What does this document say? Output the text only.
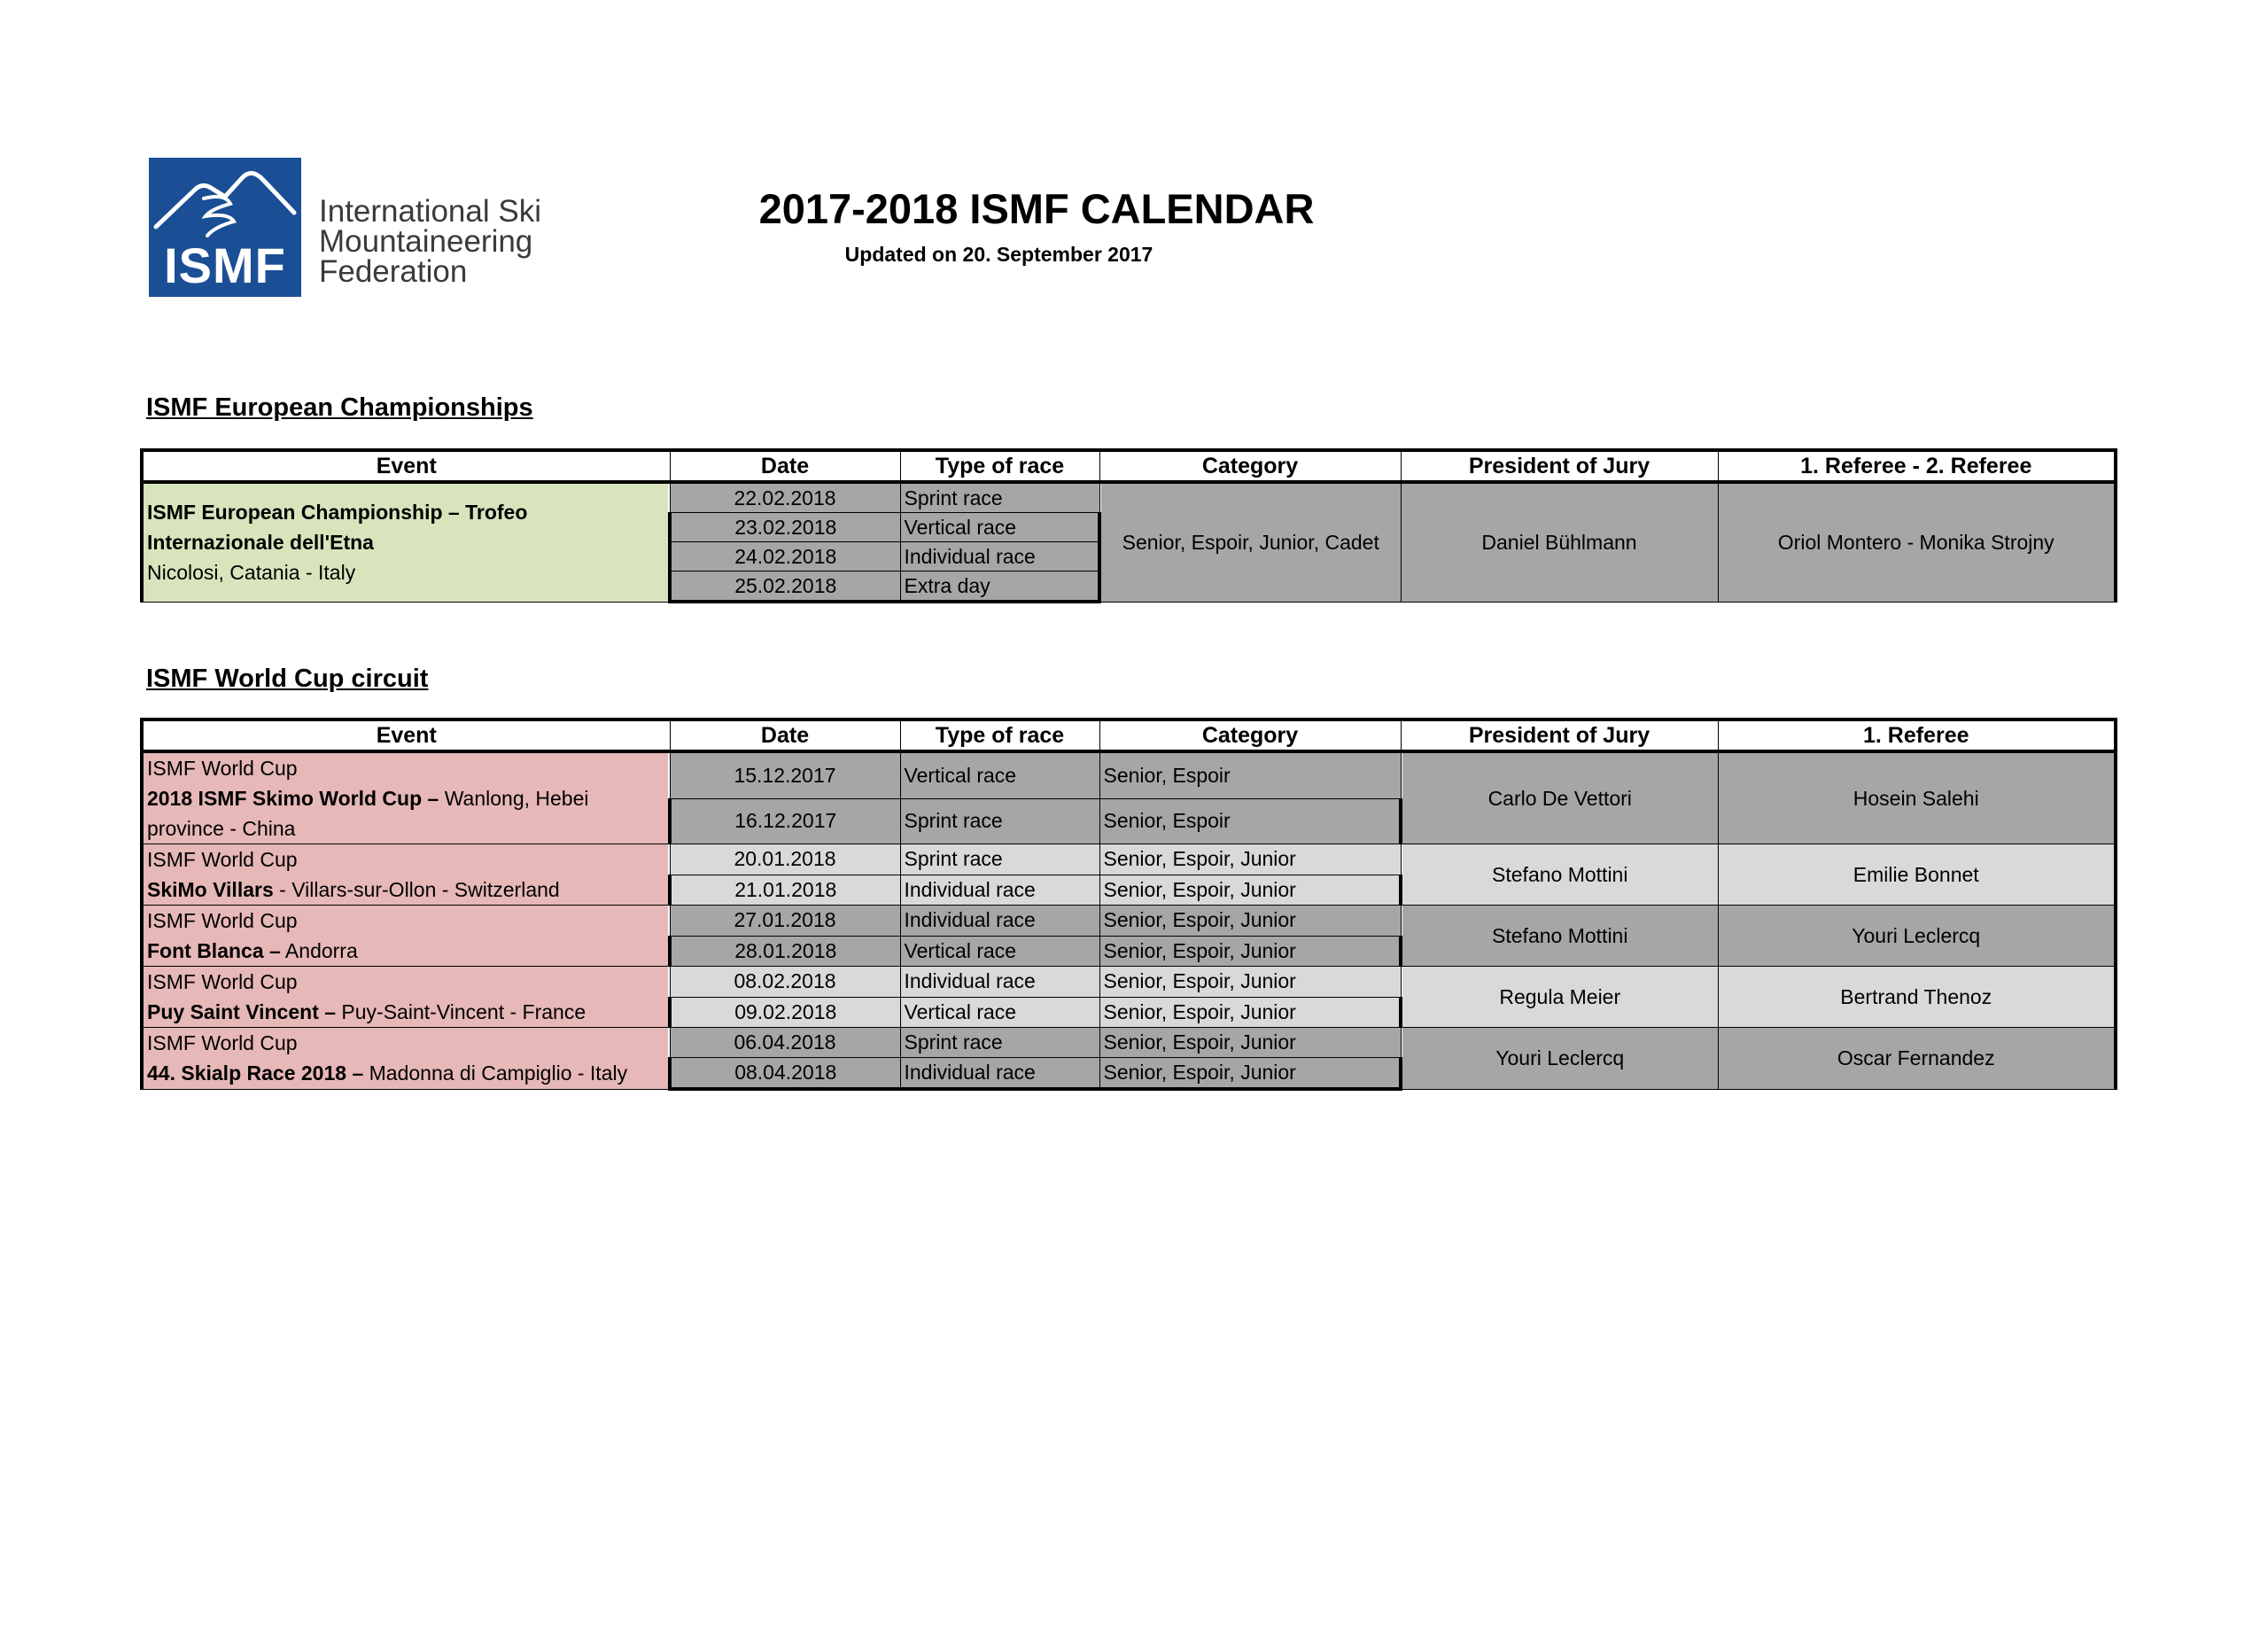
ISMF
International Ski
Mountaineering
Federation
2017-2018 ISMF CALENDAR
Updated on 20. September 2017
ISMF European Championships
Event	Date	Type of race	Category	President of Jury	1. Referee - 2. Referee

ISMF European Championship – Trofeo Internazionale dell'Etna
Nicolosi, Catania - Italy	22.02.2018	Sprint race	Senior, Espoir, Junior, Cadet	Daniel Bühlmann	Oriol Montero - Monika Strojny
	23.02.2018	Vertical race			
	24.02.2018	Individual race			
	25.02.2018	Extra day			
ISMF World Cup circuit
Event	Date	Type of race	Category	President of Jury	1. Referee

ISMF World Cup
2018 ISMF Skimo World Cup – Wanlong, Hebei province - China	15.12.2017	Vertical race	Senior, Espoir	Carlo De Vettori	Hosein Salehi
	16.12.2017	Sprint race	Senior, Espoir		

ISMF World Cup
SkiMo Villars - Villars-sur-Ollon - Switzerland	20.01.2018	Sprint race	Senior, Espoir, Junior	Stefano Mottini	Emilie Bonnet
	21.01.2018	Individual race	Senior, Espoir, Junior		

ISMF World Cup
Font Blanca – Andorra	27.01.2018	Individual race	Senior, Espoir, Junior	Stefano Mottini	Youri Leclercq
	28.01.2018	Vertical race	Senior, Espoir, Junior		

ISMF World Cup
Puy Saint Vincent – Puy-Saint-Vincent - France	08.02.2018	Individual race	Senior, Espoir, Junior	Regula Meier	Bertrand Thenoz
	09.02.2018	Vertical race	Senior, Espoir, Junior		

ISMF World Cup
44. Skialp Race 2018 – Madonna di Campiglio - Italy	06.04.2018	Sprint race	Senior, Espoir, Junior	Youri Leclercq	Oscar Fernandez
	08.04.2018	Individual race	Senior, Espoir, Junior		
